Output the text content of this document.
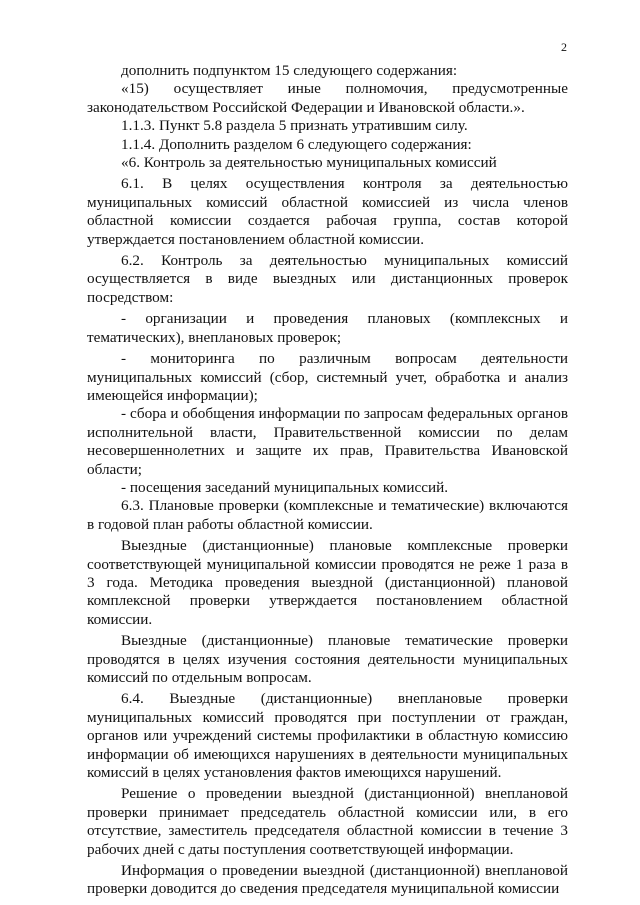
2

дополнить подпунктом 15 следующего содержания:

«15) осуществляет иные полномочия, предусмотренные законодательством Российской Федерации и Ивановской области.».

1.1.3. Пункт 5.8 раздела 5 признать утратившим силу.

1.1.4. Дополнить разделом 6 следующего содержания:

«6. Контроль за деятельностью муниципальных комиссий

6.1. В целях осуществления контроля за деятельностью муниципальных комиссий областной комиссией из числа членов областной комиссии создается рабочая группа, состав которой утверждается постановлением областной комиссии.

6.2. Контроль за деятельностью муниципальных комиссий осуществляется в виде выездных или дистанционных проверок посредством:

- организации и проведения плановых (комплексных и тематических), внеплановых проверок;

- мониторинга по различным вопросам деятельности муниципальных комиссий (сбор, системный учет, обработка и анализ имеющейся информации);

- сбора и обобщения информации по запросам федеральных органов исполнительной власти, Правительственной комиссии по делам несовершеннолетних и защите их прав, Правительства Ивановской области;

- посещения заседаний муниципальных комиссий.

6.3. Плановые проверки (комплексные и тематические) включаются в годовой план работы областной комиссии.

Выездные (дистанционные) плановые комплексные проверки соответствующей муниципальной комиссии проводятся не реже 1 раза в 3 года. Методика проведения выездной (дистанционной) плановой комплексной проверки утверждается постановлением областной комиссии.

Выездные (дистанционные) плановые тематические проверки проводятся в целях изучения состояния деятельности муниципальных комиссий по отдельным вопросам.

6.4. Выездные (дистанционные) внеплановые проверки муниципальных комиссий проводятся при поступлении от граждан, органов или учреждений системы профилактики в областную комиссию информации об имеющихся нарушениях в деятельности муниципальных комиссий в целях установления фактов имеющихся нарушений.

Решение о проведении выездной (дистанционной) внеплановой проверки принимает председатель областной комиссии или, в его отсутствие, заместитель председателя областной комиссии в течение 3 рабочих дней с даты поступления соответствующей информации.

Информация о проведении выездной (дистанционной) внеплановой проверки доводится до сведения председателя муниципальной комиссии
